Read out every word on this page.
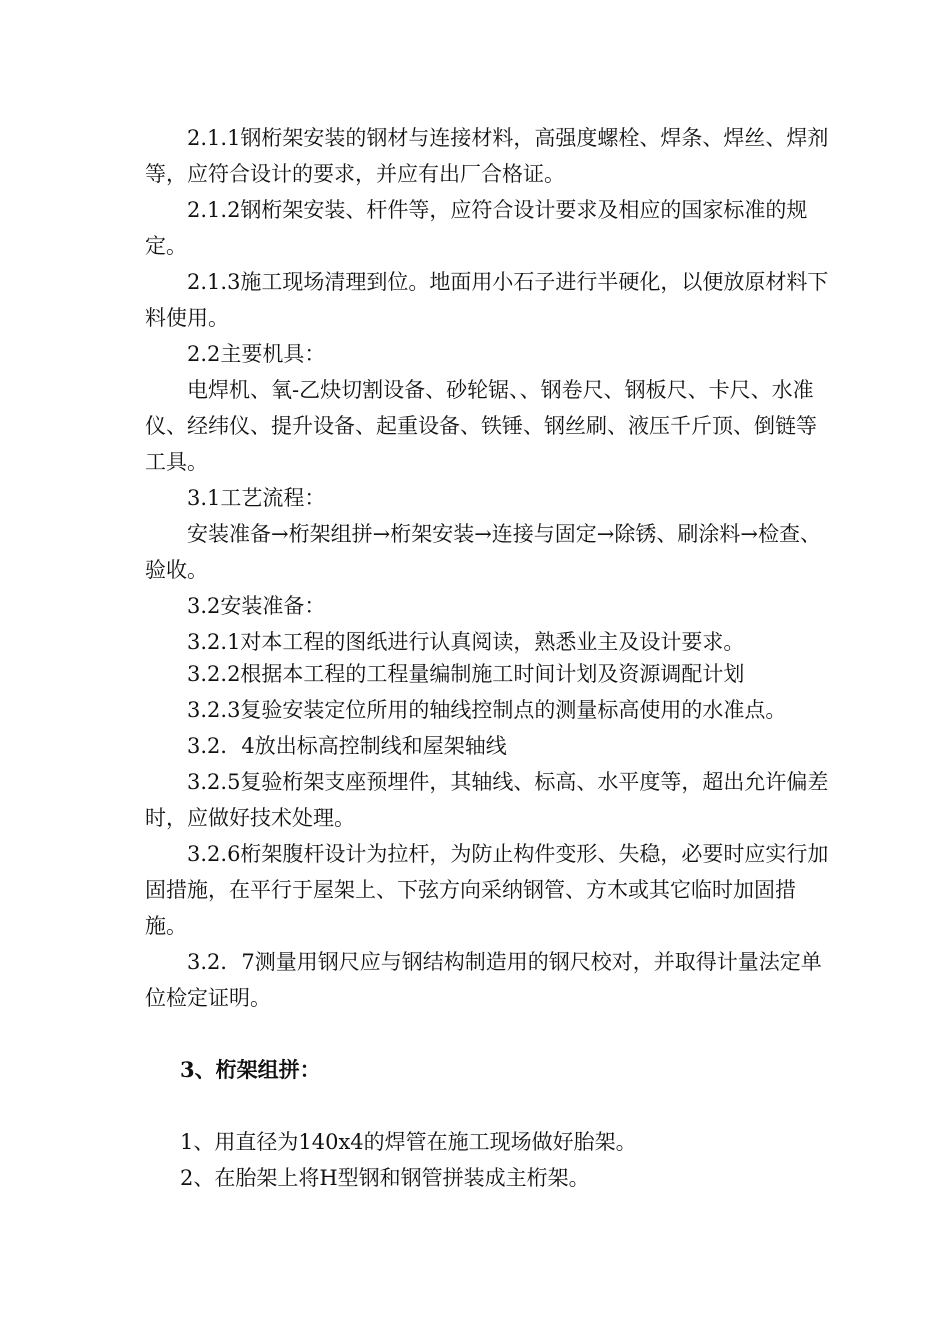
2.1.1钢桁架安装的钢材与连接材料，高强度螺栓、焊条、焊丝、焊剂等，应符合设计的要求，并应有出厂合格证。

2.1.2钢桁架安装、杆件等，应符合设计要求及相应的国家标准的规定。

2.1.3施工现场清理到位。地面用小石子进行半硬化，以便放原材料下料使用。

2.2主要机具：

电焊机、氧-乙炔切割设备、砂轮锯、、钢卷尺、钢板尺、卡尺、水准仪、经纬仪、提升设备、起重设备、铁锤、钢丝刷、液压千斤顶、倒链等工具。

3.1工艺流程：

安装准备→桁架组拼→桁架安装→连接与固定→除锈、刷涂料→检查、验收。

3.2安装准备：

3.2.1对本工程的图纸进行认真阅读，熟悉业主及设计要求。

3.2.2根据本工程的工程量编制施工时间计划及资源调配计划

3.2.3复验安装定位所用的轴线控制点的测量标高使用的水准点。

3.2．4放出标高控制线和屋架轴线

3.2.5复验桁架支座预埋件，其轴线、标高、水平度等，超出允许偏差时，应做好技术处理。

3.2.6桁架腹杆设计为拉杆，为防止构件变形、失稳，必要时应实行加固措施，在平行于屋架上、下弦方向采纳钢管、方木或其它临时加固措施。

3.2．7测量用钢尺应与钢结构制造用的钢尺校对，并取得计量法定单位检定证明。

3、桁架组拼：

1、用直径为140x4的焊管在施工现场做好胎架。

2、在胎架上将H型钢和钢管拼装成主桁架。
